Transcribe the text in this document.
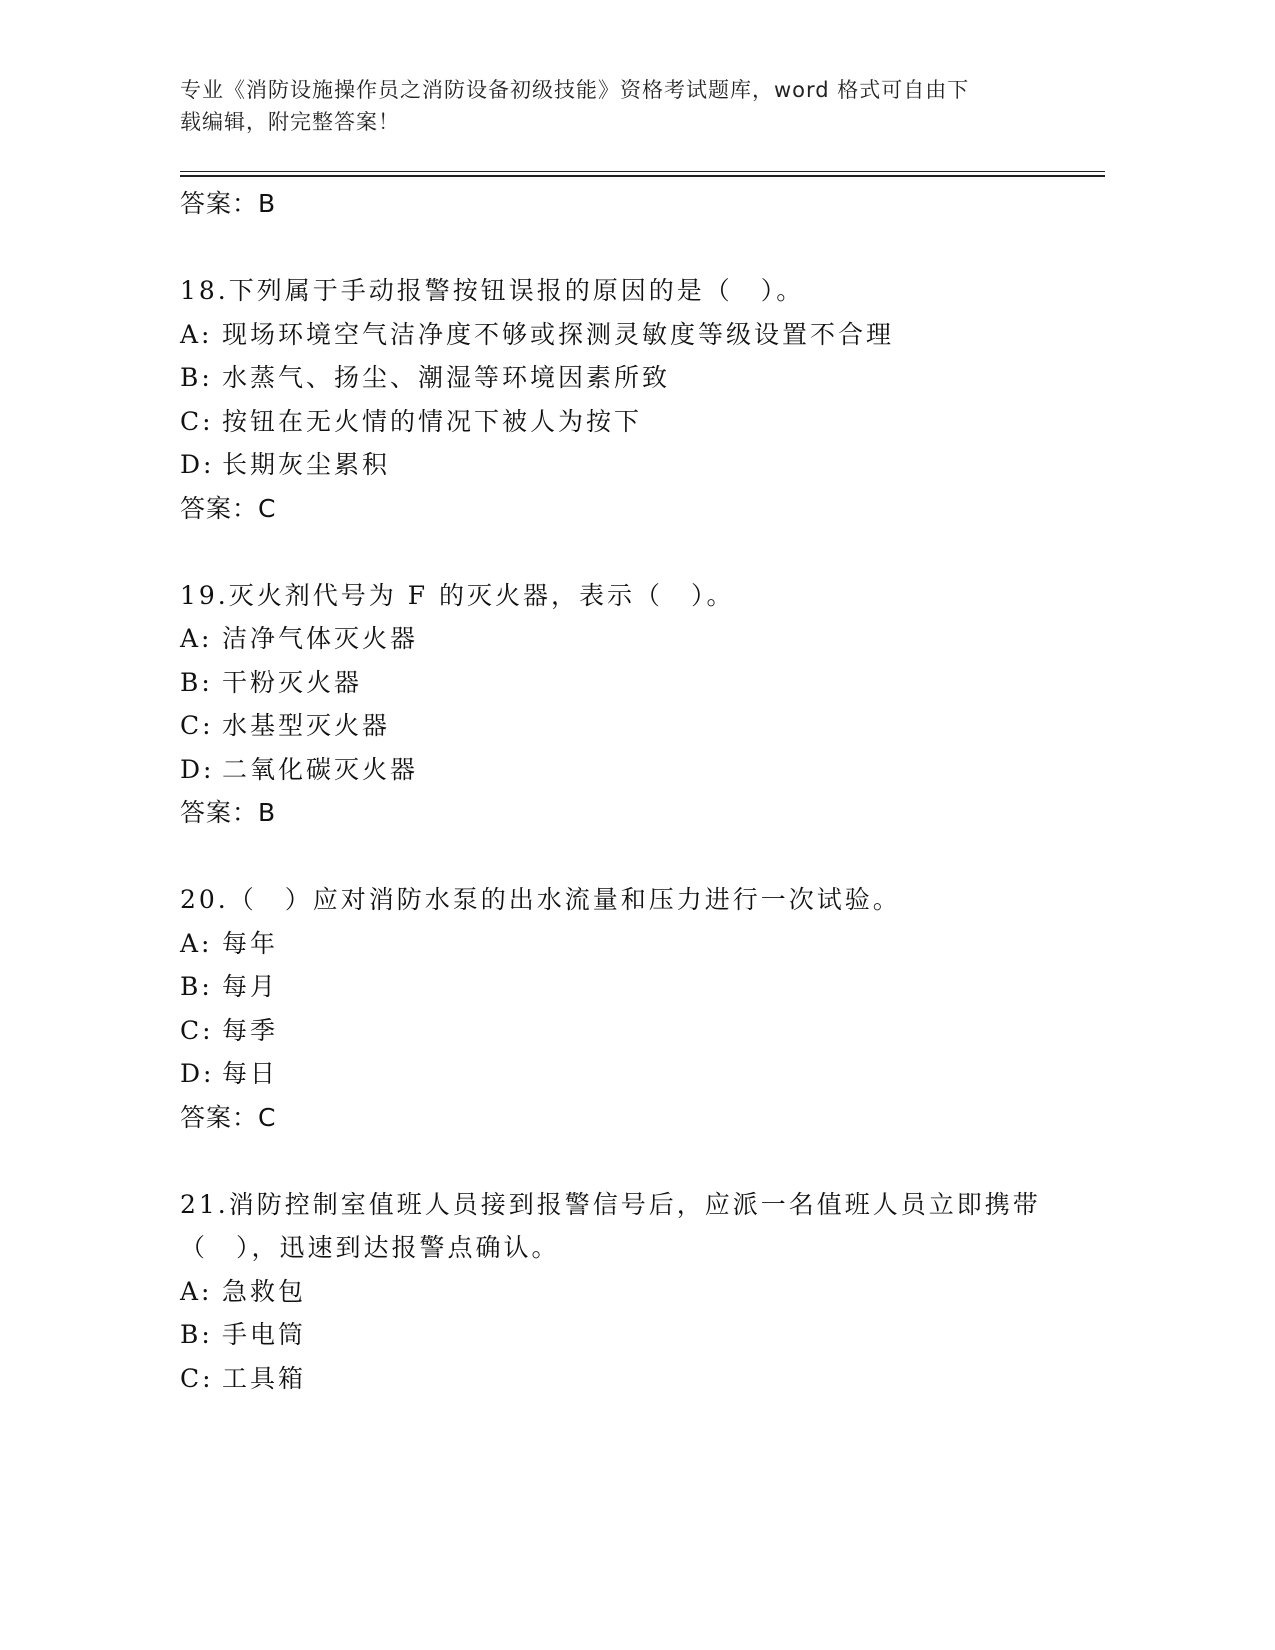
专业《消防设施操作员之消防设备初级技能》资格考试题库，word 格式可自由下
载编辑，附完整答案！
答案：B
18.下列属于手动报警按钮误报的原因的是（　）。
A: 现场环境空气洁净度不够或探测灵敏度等级设置不合理
B: 水蒸气、扬尘、潮湿等环境因素所致
C: 按钮在无火情的情况下被人为按下
D: 长期灰尘累积
答案：C
19.灭火剂代号为 F 的灭火器，表示（　）。
A: 洁净气体灭火器
B: 干粉灭火器
C: 水基型灭火器
D: 二氧化碳灭火器
答案：B
20.（　）应对消防水泵的出水流量和压力进行一次试验。
A: 每年
B: 每月
C: 每季
D: 每日
答案：C
21.消防控制室值班人员接到报警信号后，应派一名值班人员立即携带
（　），迅速到达报警点确认。
A: 急救包
B: 手电筒
C: 工具箱
